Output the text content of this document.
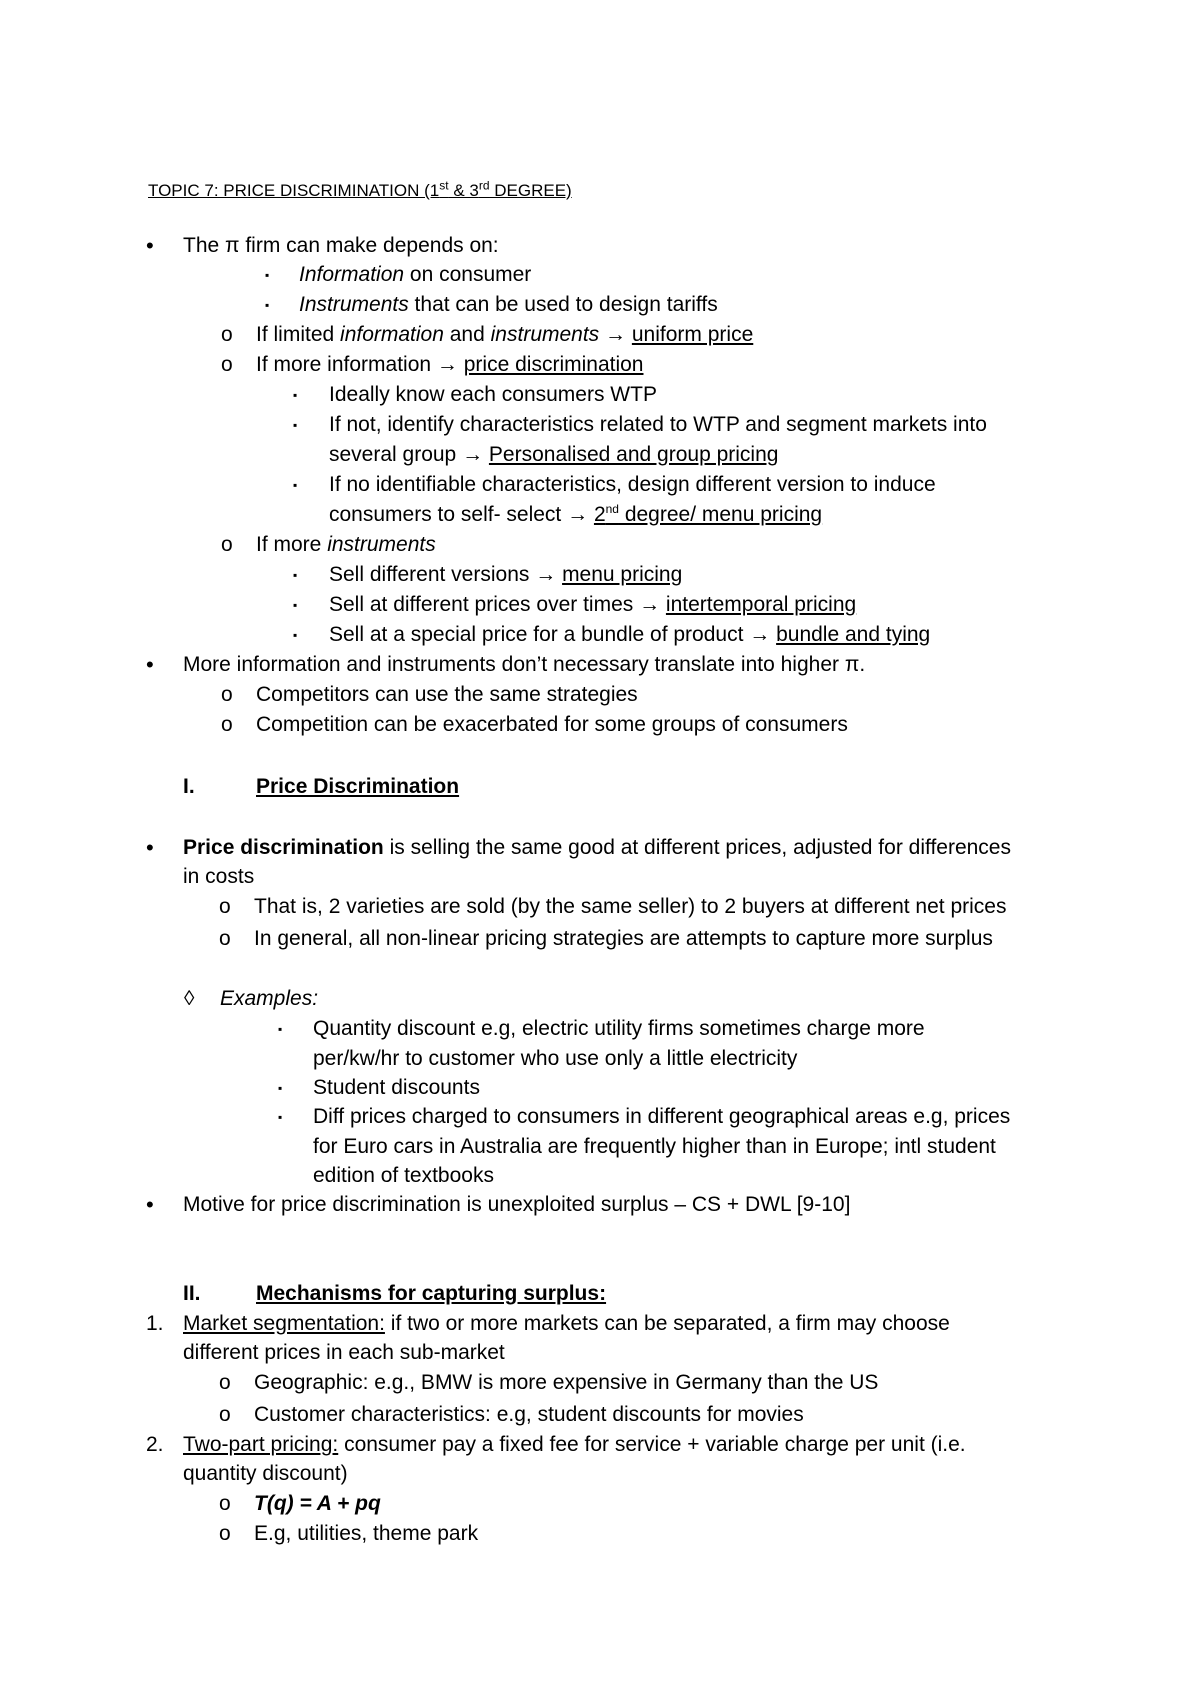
TOPIC 7: PRICE DISCRIMINATION (1st & 3rd DEGREE)
• The π firm can make depends on:
▪ Information on consumer
▪ Instruments that can be used to design tariffs
o If limited information and instruments → uniform price
o If more information → price discrimination
▪ Ideally know each consumers WTP
▪ If not, identify characteristics related to WTP and segment markets into
several group → Personalised and group pricing
▪ If no identifiable characteristics, design different version to induce
consumers to self- select → 2nd degree/ menu pricing
o If more instruments
▪ Sell different versions → menu pricing
▪ Sell at different prices over times → intertemporal pricing
▪ Sell at a special price for a bundle of product → bundle and tying
• More information and instruments don’t necessary translate into higher π.
o Competitors can use the same strategies
o Competition can be exacerbated for some groups of consumers
I.	Price Discrimination
• Price discrimination is selling the same good at different prices, adjusted for differences
in costs
o That is, 2 varieties are sold (by the same seller) to 2 buyers at different net prices
o In general, all non-linear pricing strategies are attempts to capture more surplus
◊ Examples:
▪ Quantity discount e.g, electric utility firms sometimes charge more
per/kw/hr to customer who use only a little electricity
▪ Student discounts
▪ Diff prices charged to consumers in different geographical areas e.g, prices
for Euro cars in Australia are frequently higher than in Europe; intl student
edition of textbooks
• Motive for price discrimination is unexploited surplus – CS + DWL [9-10]
II.	Mechanisms for capturing surplus:
1. Market segmentation: if two or more markets can be separated, a firm may choose
different prices in each sub-market
o Geographic: e.g., BMW is more expensive in Germany than the US
o Customer characteristics: e.g, student discounts for movies
2. Two-part pricing: consumer pay a fixed fee for service + variable charge per unit (i.e.
quantity discount)
o T(q) = A + pq
o E.g, utilities, theme park
